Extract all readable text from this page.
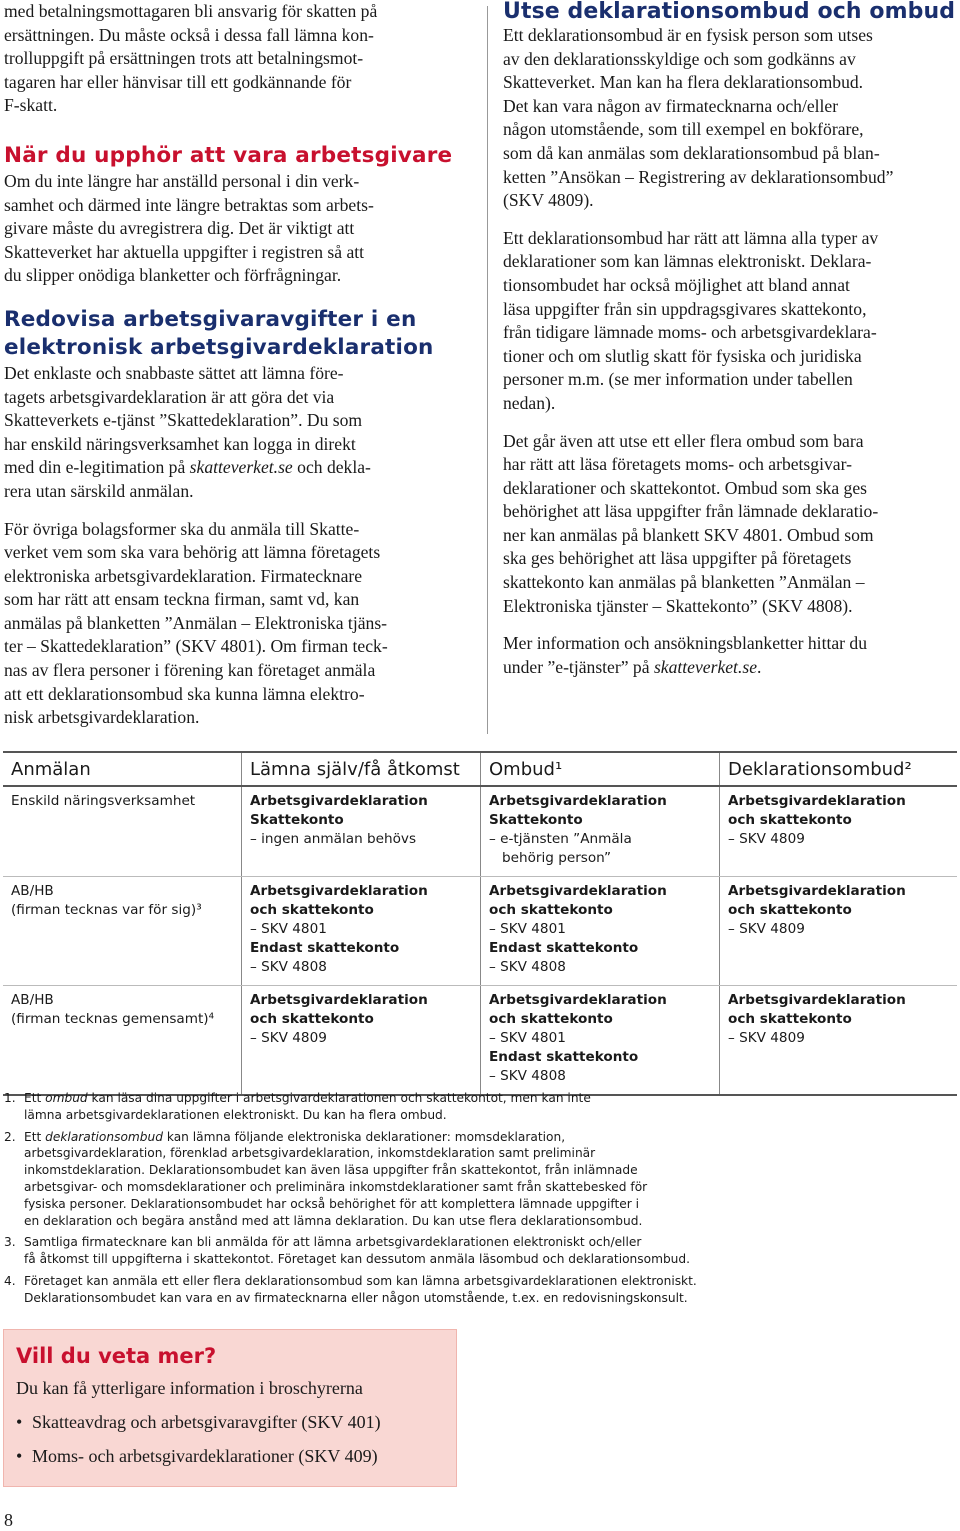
med betalningsmottagaren bli ansvarig för skatten på
ersättningen. Du måste också i dessa fall lämna kon-
trolluppgift på ersättningen trots att betalningsmot-
tagaren har eller hänvisar till ett godkännande för
F-skatt.

När du upphör att vara arbetsgivare

Om du inte längre har anställd personal i din verk-
samhet och därmed inte längre betraktas som arbets-
givare måste du avregistrera dig. Det är viktigt att
Skatteverket har aktuella uppgifter i registren så att
du slipper onödiga blanketter och förfrågningar.

Redovisa arbetsgivaravgifter i en
elektronisk arbetsgivardeklaration

Det enklaste och snabbaste sättet att lämna före-
tagets arbetsgivardeklaration är att göra det via
Skatteverkets e-tjänst ”Skattedeklaration”. Du som
har enskild näringsverksamhet kan logga in direkt
med din e-legitimation på skatteverket.se och dekla-
rera utan särskild anmälan.

För övriga bolagsformer ska du anmäla till Skatte-
verket vem som ska vara behörig att lämna företagets
elektroniska arbetsgivardeklaration. Firmatecknare
som har rätt att ensam teckna firman, samt vd, kan
anmälas på blanketten ”Anmälan – Elektroniska tjäns-
ter – Skattedeklaration” (SKV 4801). Om firman teck-
nas av flera personer i förening kan företaget anmäla
att ett deklarationsombud ska kunna lämna elektro-
nisk arbetsgivardeklaration.

Utse deklarationsombud och ombud

Ett deklarationsombud är en fysisk person som utses
av den deklarationsskyldige och som godkänns av
Skatteverket. Man kan ha flera deklarationsombud.
Det kan vara någon av firmatecknarna och/eller
någon utomstående, som till exempel en bokförare,
som då kan anmälas som deklarationsombud på blan-
ketten ”Ansökan – Registrering av deklarationsombud”
(SKV 4809).

Ett deklarationsombud har rätt att lämna alla typer av
deklarationer som kan lämnas elektroniskt. Deklara-
tionsombudet har också möjlighet att bland annat
läsa uppgifter från sin uppdragsgivares skattekonto,
från tidigare lämnade moms- och arbetsgivardeklara-
tioner och om slutlig skatt för fysiska och juridiska
personer m.m. (se mer information under tabellen
nedan).

Det går även att utse ett eller flera ombud som bara
har rätt att läsa företagets moms- och arbetsgivar-
deklarationer och skattekontot. Ombud som ska ges
behörighet att läsa uppgifter från lämnade deklaratio-
ner kan anmälas på blankett SKV 4801. Ombud som
ska ges behörighet att läsa uppgifter på företagets
skattekonto kan anmälas på blanketten ”Anmälan –
Elektroniska tjänster – Skattekonto” (SKV 4808).

Mer information och ansökningsblanketter hittar du
under ”e-tjänster” på skatteverket.se.

Anmälan	Lämna själv/få åtkomst	Ombud¹	Deklarationsombud²

Enskild näringsverksamhet	Arbetsgivardeklaration
Skattekonto
– ingen anmälan behövs	Arbetsgivardeklaration
Skattekonto
– e-tjänsten ”Anmäla
behörig person”	Arbetsgivardeklaration
och skattekonto
– SKV 4809

AB/HB
(firman tecknas var för sig)³	Arbetsgivardeklaration
och skattekonto
– SKV 4801
Endast skattekonto
– SKV 4808	Arbetsgivardeklaration
och skattekonto
– SKV 4801
Endast skattekonto
– SKV 4808	Arbetsgivardeklaration
och skattekonto
– SKV 4809

AB/HB
(firman tecknas gemensamt)⁴	Arbetsgivardeklaration
och skattekonto
– SKV 4809	Arbetsgivardeklaration
och skattekonto
– SKV 4801
Endast skattekonto
– SKV 4808	Arbetsgivardeklaration
och skattekonto
– SKV 4809
1. Ett ombud kan läsa dina uppgifter i arbetsgivardeklarationen och skattekontot, men kan inte
lämna arbetsgivardeklarationen elektroniskt. Du kan ha flera ombud.
2. Ett deklarationsombud kan lämna följande elektroniska deklarationer: momsdeklaration,
arbetsgivardeklaration, förenklad arbetsgivardeklaration, inkomstdeklaration samt preliminär
inkomstdeklaration. Deklarationsombudet kan även läsa uppgifter från skattekontot, från inlämnade
arbetsgivar- och momsdeklarationer och preliminära inkomstdeklarationer samt från skattebesked för
fysiska personer. Deklarationsombudet har också behörighet för att komplettera lämnade uppgifter i
en deklaration och begära anstånd med att lämna deklaration. Du kan utse flera deklarationsombud.
3. Samtliga firmatecknare kan bli anmälda för att lämna arbetsgivardeklarationen elektroniskt och/eller
få åtkomst till uppgifterna i skattekontot. Företaget kan dessutom anmäla läsombud och deklarationsombud.
4. Företaget kan anmäla ett eller flera deklarationsombud som kan lämna arbetsgivardeklarationen elektroniskt.
Deklarationsombudet kan vara en av firmatecknarna eller någon utomstående, t.ex. en redovisningskonsult.
Vill du veta mer?

Du kan få ytterligare information i broschyrerna

• Skatteavdrag och arbetsgivaravgifter (SKV 401)
• Moms- och arbetsgivardeklarationer (SKV 409)
8
